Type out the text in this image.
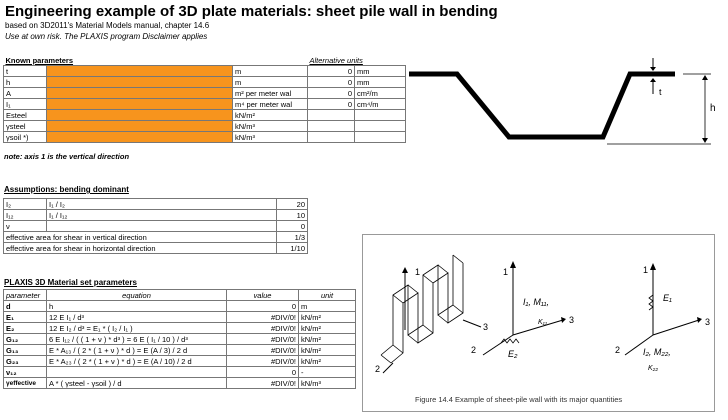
Engineering example of 3D plate materials: sheet pile wall in bending
based on 3D2011's Material Models manual, chapter 14.6
Use at own risk. The PLAXIS program Disclaimer applies
Known parameters			Alternative units	
t		m	0	mm
h		m	0	mm
A		m² per meter wal	0	cm²/m
I₁		m⁴ per meter wal	0	cm⁴/m
Esteel		kN/m²		
γsteel		kN/m³		
γsoil *)		kN/m³		
note: axis 1 is the vertical direction
t
h
Assumptions: bending dominant
I₂	I₁ / I₂	20
I₁₂	I₁ / I₁₂	10
ν		0
effective area for shear in vertical direction		1/3
effective area for shear in horizontal direction		1/10
PLAXIS 3D Material set parameters
parameter	equation	value	unit
d	h	0	m
E₁	12 E I₁ / d³	#DIV/0!	kN/m²
E₂	12 E I₂ / d³ = E₁ * ( I₂ / I₁ )	#DIV/0!	kN/m²
G₁₂	6 E I₁₂ / ( ( 1 + ν ) * d³ ) = 6 E ( I₁ / 10 ) / d³	#DIV/0!	kN/m²
G₁₃	E * A₁₃ / ( 2 * ( 1 + ν ) * d ) = E (A / 3) / 2 d	#DIV/0!	kN/m²
G₂₃	E * A₂₃ / ( 2 * ( 1 + ν ) * d ) = E (A / 10) / 2 d	#DIV/0!	kN/m²
ν₁₂		0	-
γeffective	A * ( γsteel - γsoil ) / d	#DIV/0!	kN/m³
1
3
2
1
I₁, M₁₁,
K₁₁ 3
2	E₂
1
E₁
3
2	I₂, M₂₂,
K₂₂
Figure 14.4 Example of sheet-pile wall with its major quantities
